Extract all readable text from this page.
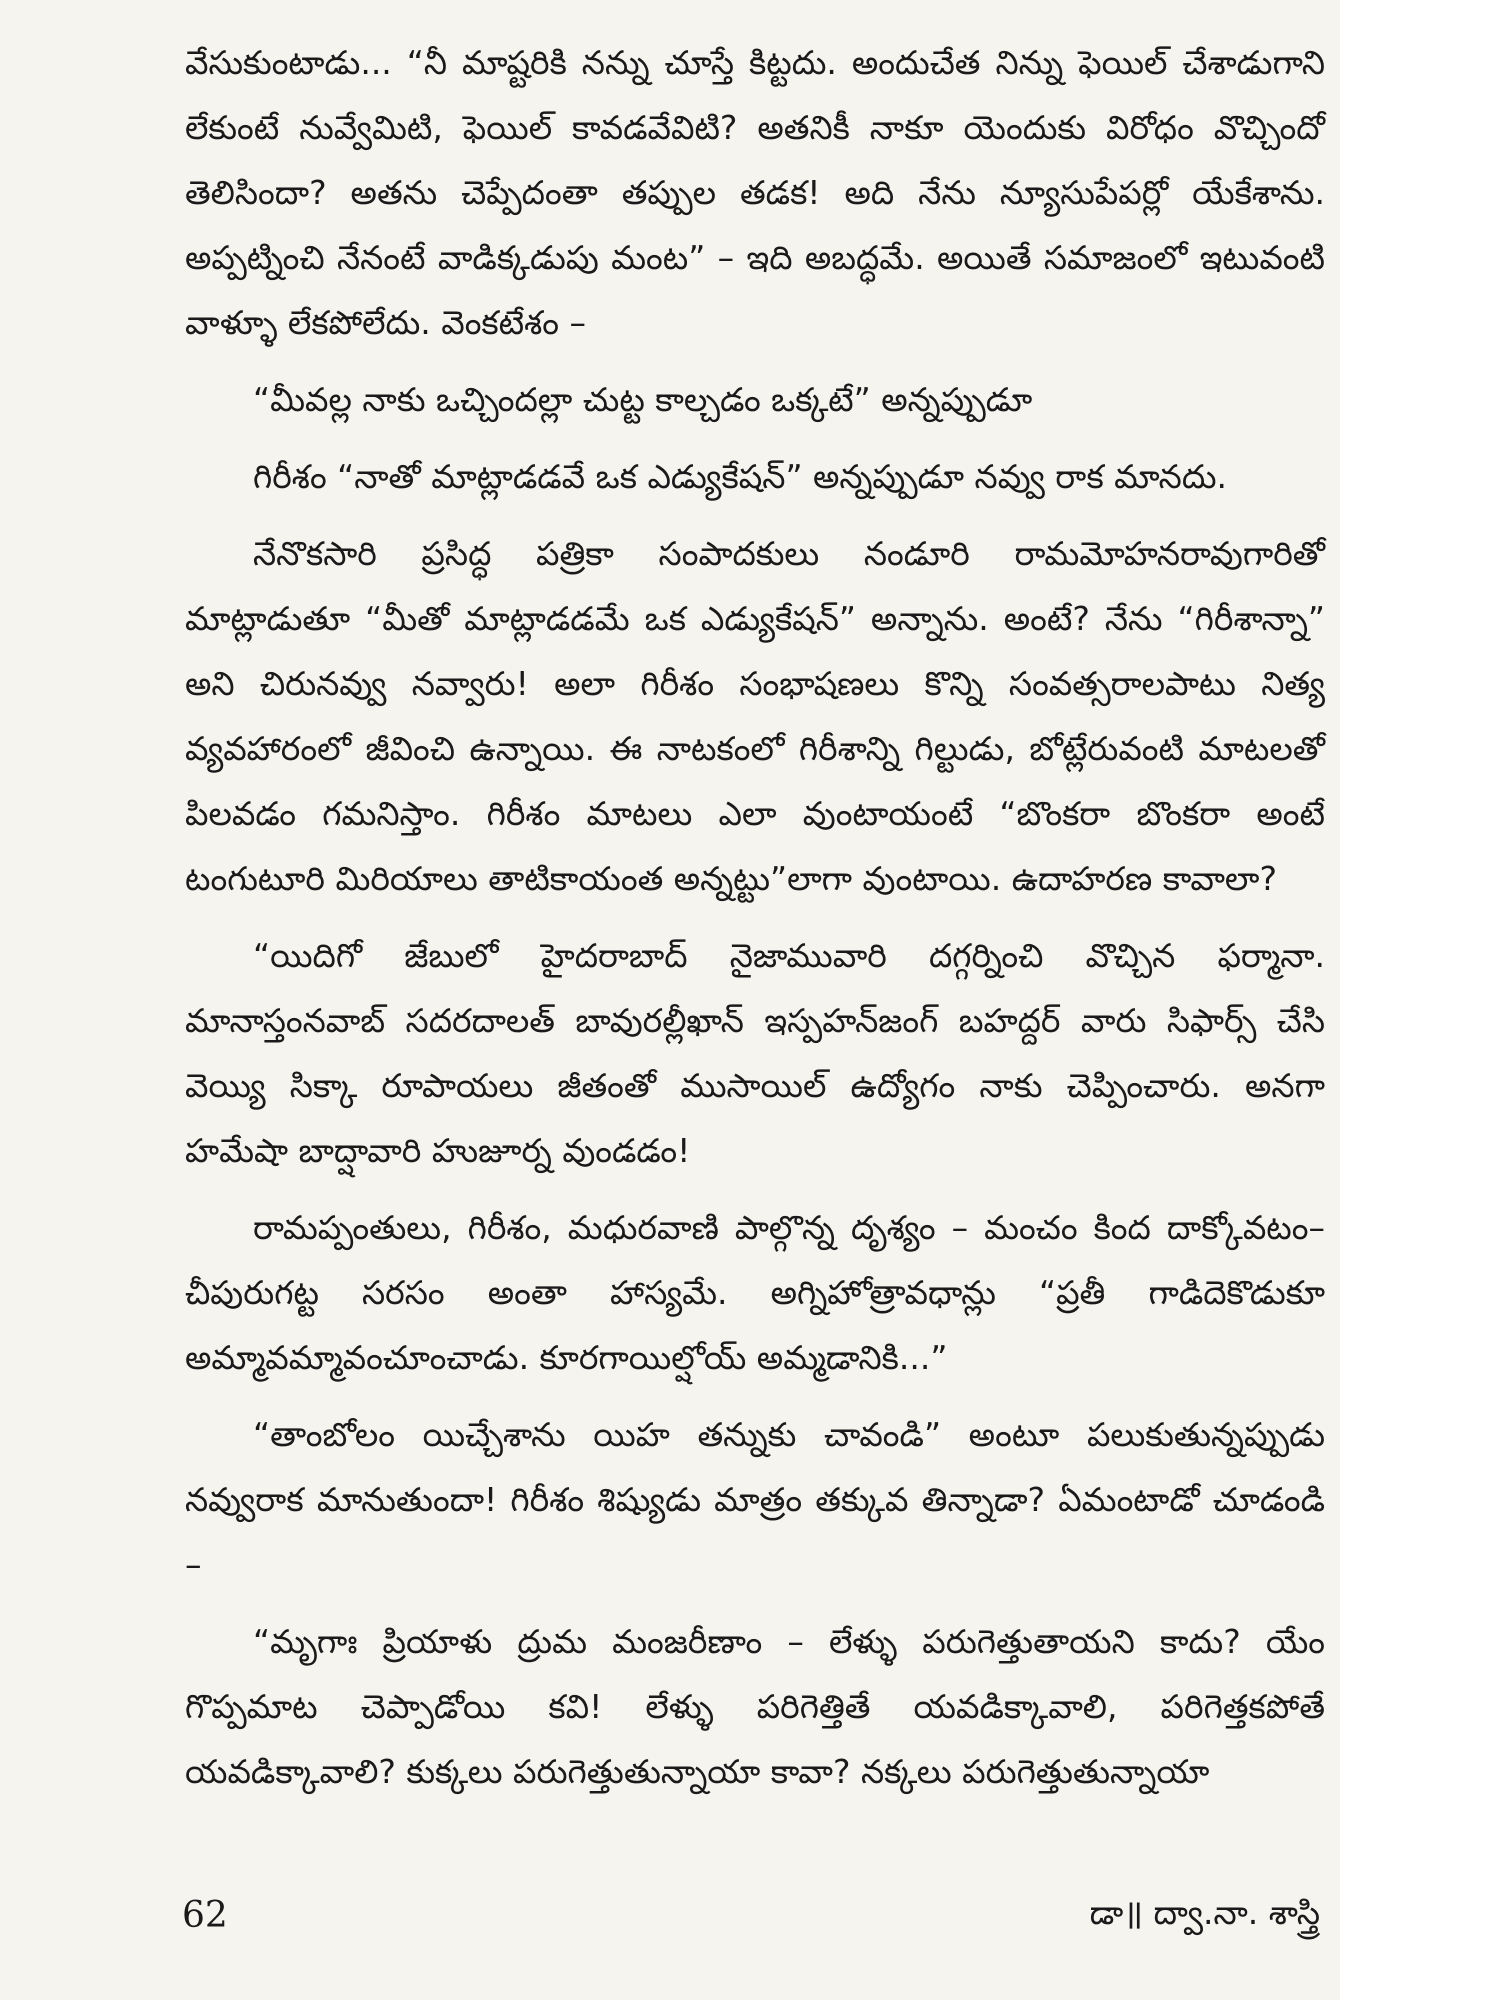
వేసుకుంటాడు... “నీ మాష్టరికి నన్ను చూస్తే కిట్టదు. అందుచేత నిన్ను ఫెయిల్ చేశాడుగాని లేకుంటే నువ్వేమిటి, ఫెయిల్ కావడవేవిటి? అతనికీ నాకూ యెందుకు విరోధం వొచ్చిందో తెలిసిందా? అతను చెప్పేదంతా తప్పుల తడక! అది నేను న్యూసుపేపర్లో యేకేశాను. అప్పట్నించి నేనంటే వాడిక్కడుపు మంట” – ఇది అబద్ధమే. అయితే సమాజంలో ఇటువంటి వాళ్ళూ లేకపోలేదు. వెంకటేశం –

“మీవల్ల నాకు ఒచ్చిందల్లా చుట్ట కాల్చడం ఒక్కటే” అన్నప్పుడూ

గిరీశం “నాతో మాట్లాడడవే ఒక ఎడ్యుకేషన్” అన్నప్పుడూ నవ్వు రాక మానదు.

నేనొకసారి ప్రసిద్ధ పత్రికా సంపాదకులు నండూరి రామమోహనరావుగారితో మాట్లాడుతూ “మీతో మాట్లాడడమే ఒక ఎడ్యుకేషన్” అన్నాను. అంటే? నేను “గిరీశాన్నా” అని చిరునవ్వు నవ్వారు! అలా గిరీశం సంభాషణలు కొన్ని సంవత్సరాలపాటు నిత్య వ్యవహారంలో జీవించి ఉన్నాయి. ఈ నాటకంలో గిరీశాన్ని గిల్టుడు, బోట్లేరువంటి మాటలతో పిలవడం గమనిస్తాం. గిరీశం మాటలు ఎలా వుంటాయంటే “బొంకరా బొంకరా అంటే టంగుటూరి మిరియాలు తాటికాయంత అన్నట్టు”లాగా వుంటాయి. ఉదాహరణ కావాలా?

“యిదిగో జేబులో హైదరాబాద్ నైజామువారి దగ్గర్నించి వొచ్చిన ఫర్మానా. మానాస్తంనవాబ్ సదరదాలత్ బావురల్లీఖాన్ ఇస్పహన్‌జంగ్ బహద్దర్ వారు సిఫార్స్ చేసి వెయ్యి సిక్కా రూపాయలు జీతంతో ముసాయిల్ ఉద్యోగం నాకు చెప్పించారు. అనగా హమేషా బాద్షావారి హుజూర్న వుండడం!

రామప్పంతులు, గిరీశం, మధురవాణి పాల్గొన్న దృశ్యం – మంచం కింద దాక్కోవటం– చీపురుగట్ట సరసం అంతా హాస్యమే. అగ్నిహోత్రావధాన్లు “ప్రతీ గాడిదెకొడుకూ అమ్మావమ్మావంచూంచాడు. కూరగాయిల్షోయ్ అమ్మడానికి...”

“తాంబోలం యిచ్చేశాను యిహ తన్నుకు చావండి” అంటూ పలుకుతున్నప్పుడు నవ్వురాక మానుతుందా! గిరీశం శిష్యుడు మాత్రం తక్కువ తిన్నాడా? ఏమంటాడో చూడండి –

“మృగాః ప్రియాళు ద్రుమ మంజరీణాం – లేళ్ళు పరుగెత్తుతాయని కాదు? యేం గొప్పమాట చెప్పాడోయి కవి! లేళ్ళు పరిగెత్తితే యవడిక్కావాలి, పరిగెత్తకపోతే యవడిక్కావాలి? కుక్కలు పరుగెత్తుతున్నాయా కావా? నక్కలు పరుగెత్తుతున్నాయా

62	డా॥ ద్వా.నా. శాస్త్రి
